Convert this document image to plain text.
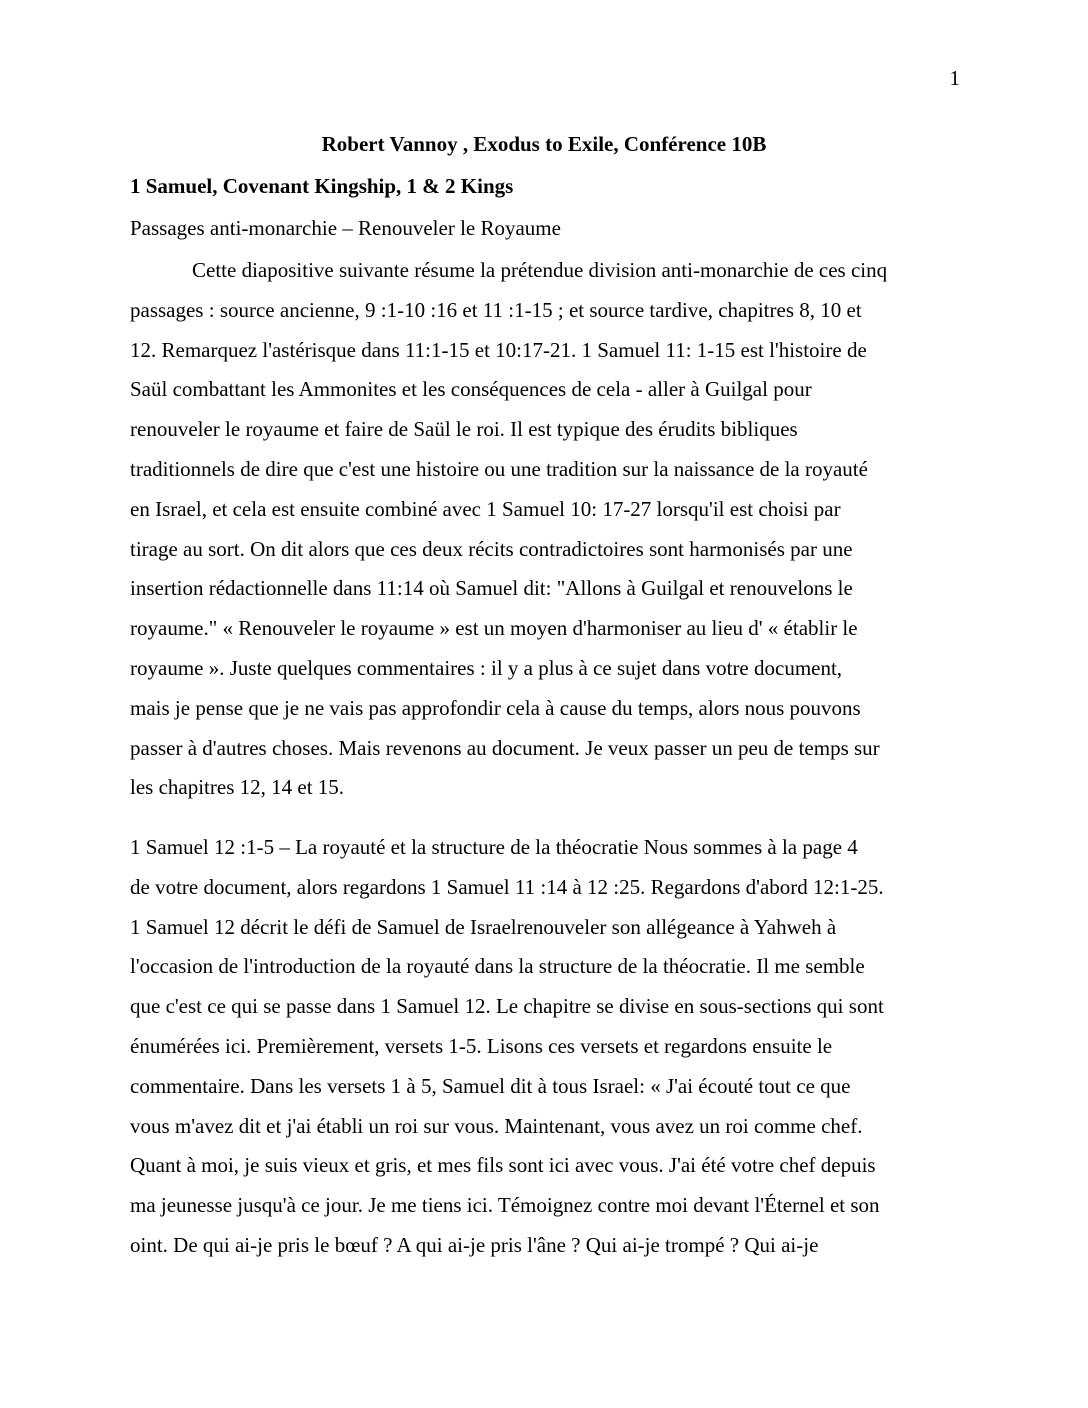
1
Robert Vannoy , Exodus to Exile, Conférence 10B
1 Samuel, Covenant Kingship, 1 & 2 Kings
Passages anti-monarchie – Renouveler le Royaume
Cette diapositive suivante résume la prétendue division anti-monarchie de ces cinq
passages : source ancienne, 9 :1-10 :16 et 11 :1-15 ; et source tardive, chapitres 8, 10 et
12. Remarquez l'astérisque dans 11:1-15 et 10:17-21. 1 Samuel 11: 1-15 est l'histoire de
Saül combattant les Ammonites et les conséquences de cela - aller à Guilgal pour
renouveler le royaume et faire de Saül le roi. Il est typique des érudits bibliques
traditionnels de dire que c'est une histoire ou une tradition sur la naissance de la royauté
en Israel, et cela est ensuite combiné avec 1 Samuel 10: 17-27 lorsqu'il est choisi par
tirage au sort. On dit alors que ces deux récits contradictoires sont harmonisés par une
insertion rédactionnelle dans 11:14 où Samuel dit: "Allons à Guilgal et renouvelons le
royaume." « Renouveler le royaume » est un moyen d'harmoniser au lieu d' « établir le
royaume ». Juste quelques commentaires : il y a plus à ce sujet dans votre document,
mais je pense que je ne vais pas approfondir cela à cause du temps, alors nous pouvons
passer à d'autres choses. Mais revenons au document. Je veux passer un peu de temps sur
les chapitres 12, 14 et 15.
1 Samuel 12 :1-5 – La royauté et la structure de la théocratie Nous sommes à la page 4
de votre document, alors regardons 1 Samuel 11 :14 à 12 :25. Regardons d'abord 12:1-25.
1 Samuel 12 décrit le défi de Samuel de Israelrenouveler son allégeance à Yahweh à
l'occasion de l'introduction de la royauté dans la structure de la théocratie. Il me semble
que c'est ce qui se passe dans 1 Samuel 12. Le chapitre se divise en sous-sections qui sont
énumérées ici. Premièrement, versets 1-5. Lisons ces versets et regardons ensuite le
commentaire. Dans les versets 1 à 5, Samuel dit à tous Israel: « J'ai écouté tout ce que
vous m'avez dit et j'ai établi un roi sur vous. Maintenant, vous avez un roi comme chef.
Quant à moi, je suis vieux et gris, et mes fils sont ici avec vous. J'ai été votre chef depuis
ma jeunesse jusqu'à ce jour. Je me tiens ici. Témoignez contre moi devant l'Éternel et son
oint. De qui ai-je pris le bœuf ? A qui ai-je pris l'âne ? Qui ai-je trompé ? Qui ai-je
